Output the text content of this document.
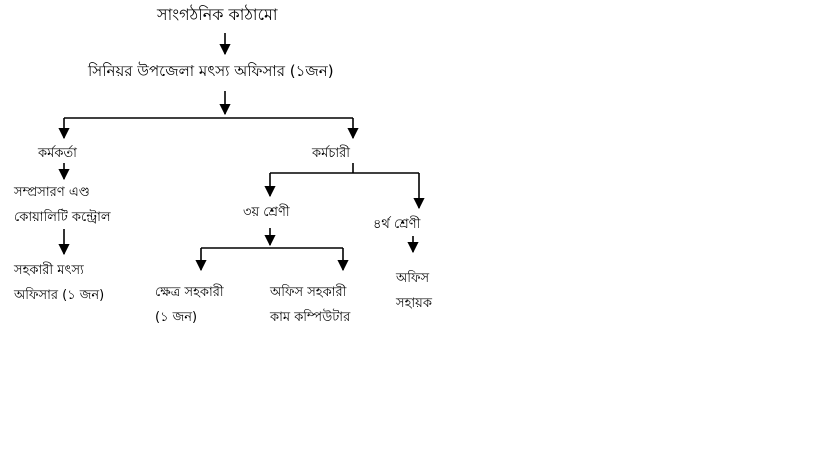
সাংগঠনিক কাঠামো
সিনিয়র উপজেলা মৎস্য অফিসার (১জন)
কর্মকর্তা	কর্মচারী
সম্প্রসারণ এণ্ড
কোয়ালিটি কন্ট্রোল
সহকারী মৎস্য
অফিসার (১ জন)
৩য় শ্রেণী
৪র্থ শ্রেণী
ক্ষেত্র সহকারী
(১ জন)
অফিস সহকারী
কাম কম্পিউটার
অফিস
সহায়ক
